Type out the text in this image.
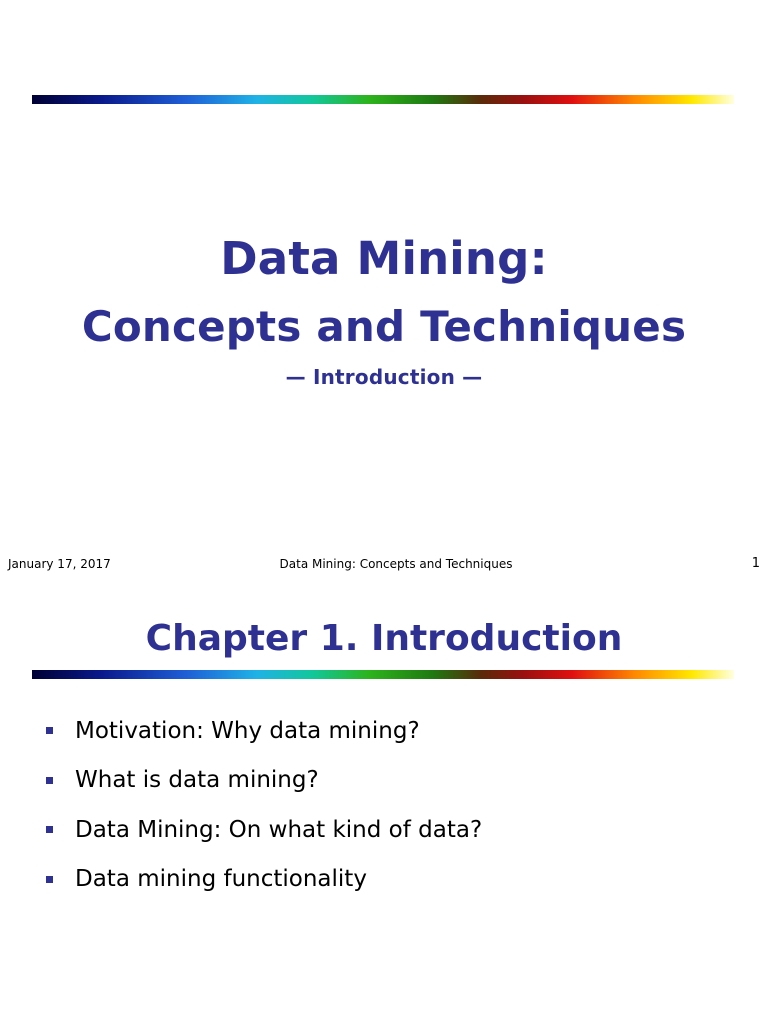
Data Mining:
Concepts and Techniques
— Introduction —
January 17, 2017	Data Mining: Concepts and Techniques	1
Chapter 1. Introduction
Motivation: Why data mining?
What is data mining?
Data Mining: On what kind of data?
Data mining functionality
